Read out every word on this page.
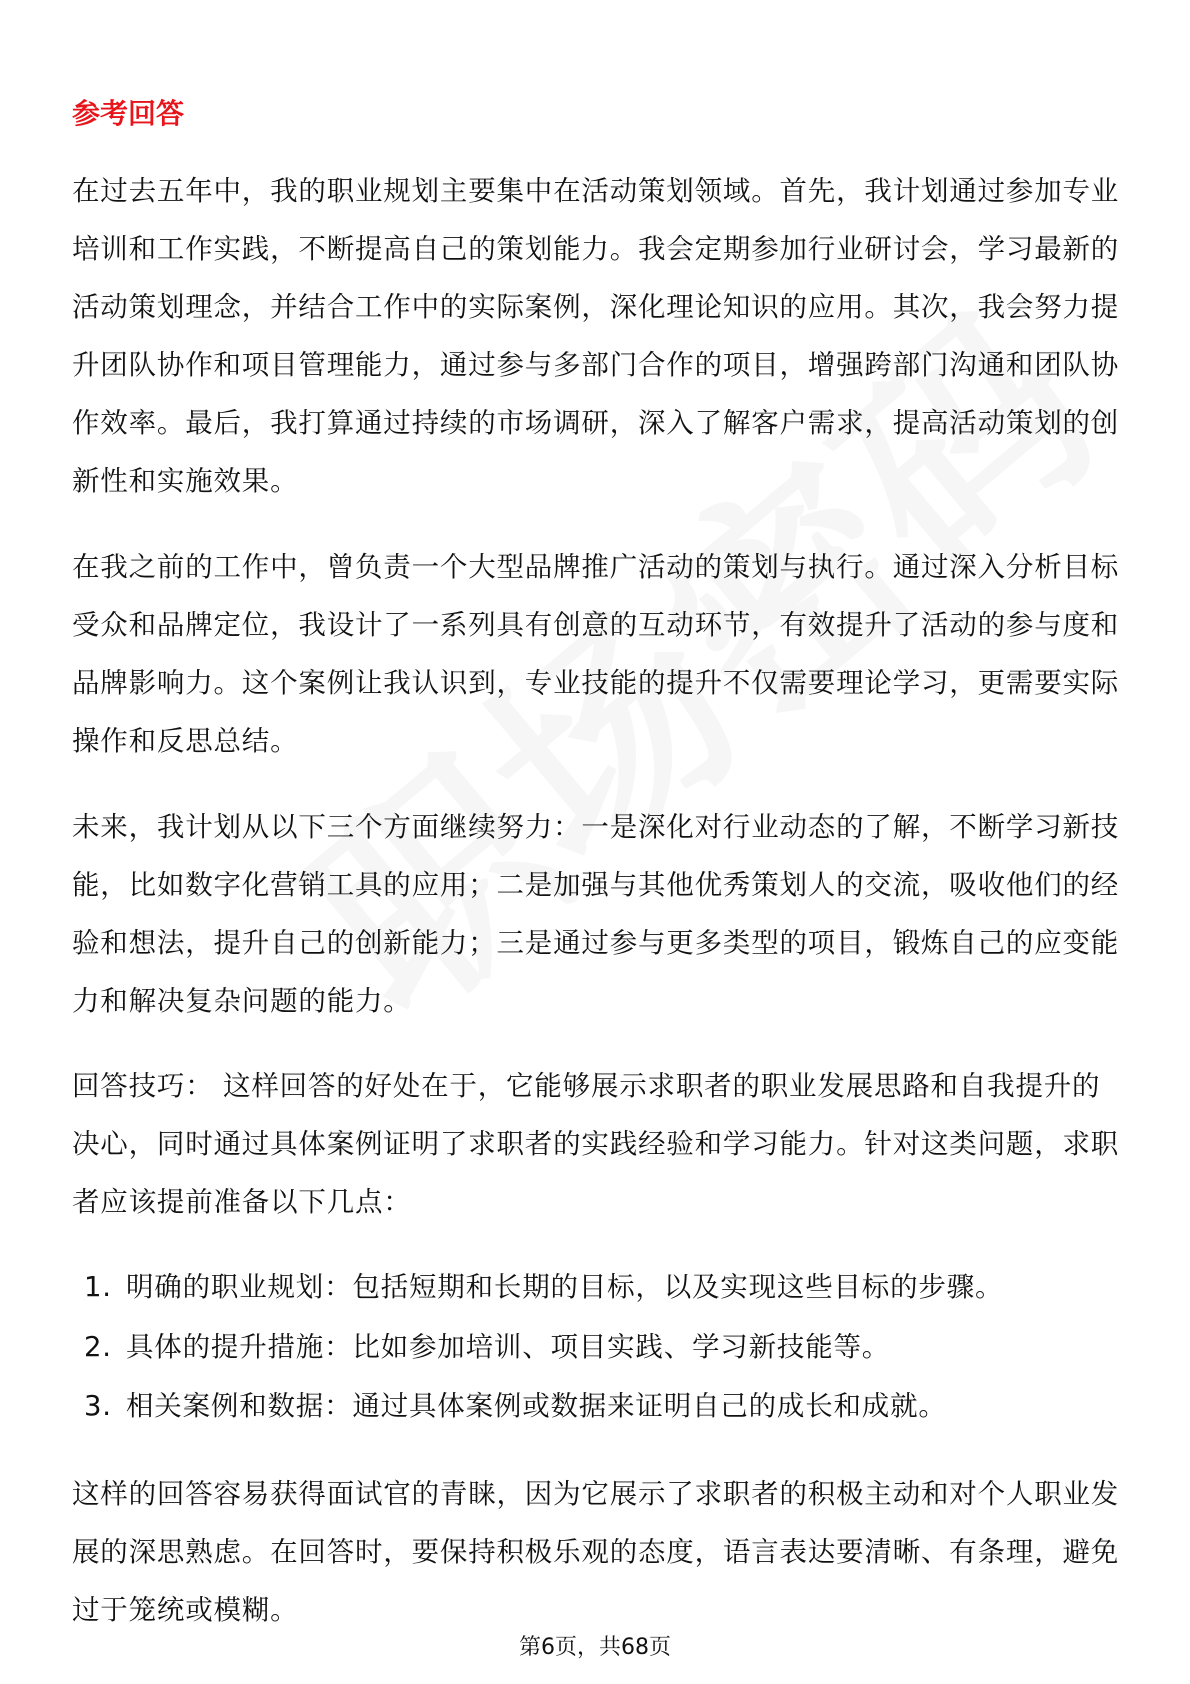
参考回答

在过去五年中，我的职业规划主要集中在活动策划领域。首先，我计划通过参加专业培训和工作实践，不断提高自己的策划能力。我会定期参加行业研讨会，学习最新的活动策划理念，并结合工作中的实际案例，深化理论知识的应用。其次，我会努力提升团队协作和项目管理能力，通过参与多部门合作的项目，增强跨部门沟通和团队协作效率。最后，我打算通过持续的市场调研，深入了解客户需求，提高活动策划的创新性和实施效果。

在我之前的工作中，曾负责一个大型品牌推广活动的策划与执行。通过深入分析目标受众和品牌定位，我设计了一系列具有创意的互动环节，有效提升了活动的参与度和品牌影响力。这个案例让我认识到，专业技能的提升不仅需要理论学习，更需要实际操作和反思总结。

未来，我计划从以下三个方面继续努力：一是深化对行业动态的了解，不断学习新技能，比如数字化营销工具的应用；二是加强与其他优秀策划人的交流，吸收他们的经验和想法，提升自己的创新能力；三是通过参与更多类型的项目，锻炼自己的应变能力和解决复杂问题的能力。

回答技巧： 这样回答的好处在于，它能够展示求职者的职业发展思路和自我提升的决心，同时通过具体案例证明了求职者的实践经验和学习能力。针对这类问题，求职者应该提前准备以下几点：

1. 明确的职业规划：包括短期和长期的目标，以及实现这些目标的步骤。
2. 具体的提升措施：比如参加培训、项目实践、学习新技能等。
3. 相关案例和数据：通过具体案例或数据来证明自己的成长和成就。

这样的回答容易获得面试官的青睐，因为它展示了求职者的积极主动和对个人职业发展的深思熟虑。在回答时，要保持积极乐观的态度，语言表达要清晰、有条理，避免过于笼统或模糊。

第6页，共68页
